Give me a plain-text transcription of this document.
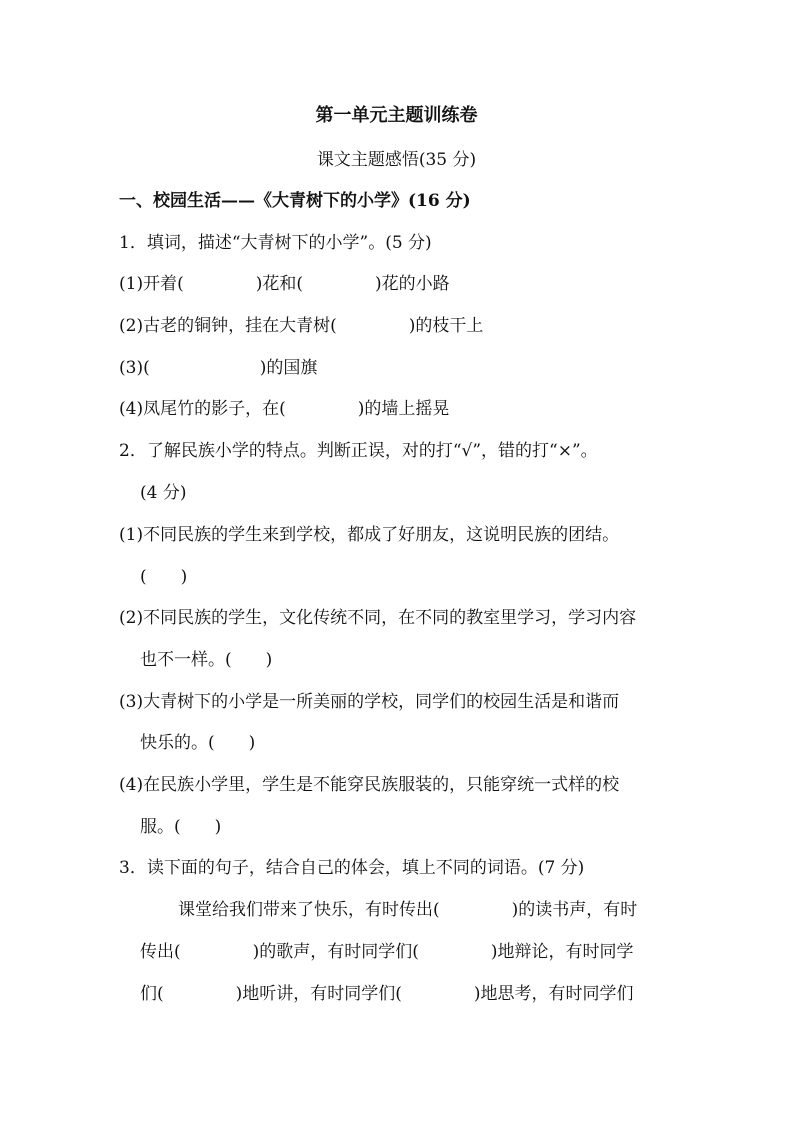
第一单元主题训练卷
课文主题感悟(35 分)
一、校园生活——《大青树下的小学》(16 分)
1．填词，描述“大青树下的小学”。(5 分)
(1)开着(	)花和(	)花的小路
(2)古老的铜钟，挂在大青树(	)的枝干上
(3)(	)的国旗
(4)凤尾竹的影子，在(	)的墙上摇晃
2．了解民族小学的特点。判断正误，对的打“√”，错的打“×”。
(4 分)
(1)不同民族的学生来到学校，都成了好朋友，这说明民族的团结。
(　　)
(2)不同民族的学生，文化传统不同，在不同的教室里学习，学习内容
也不一样。(　　)
(3)大青树下的小学是一所美丽的学校，同学们的校园生活是和谐而
快乐的。(　　)
(4)在民族小学里，学生是不能穿民族服装的，只能穿统一式样的校
服。(　　)
3．读下面的句子，结合自己的体会，填上不同的词语。(7 分)
课堂给我们带来了快乐，有时传出(	)的读书声，有时
传出(	)的歌声，有时同学们(	)地辩论，有时同学
们(	)地听讲，有时同学们(	)地思考，有时同学们
